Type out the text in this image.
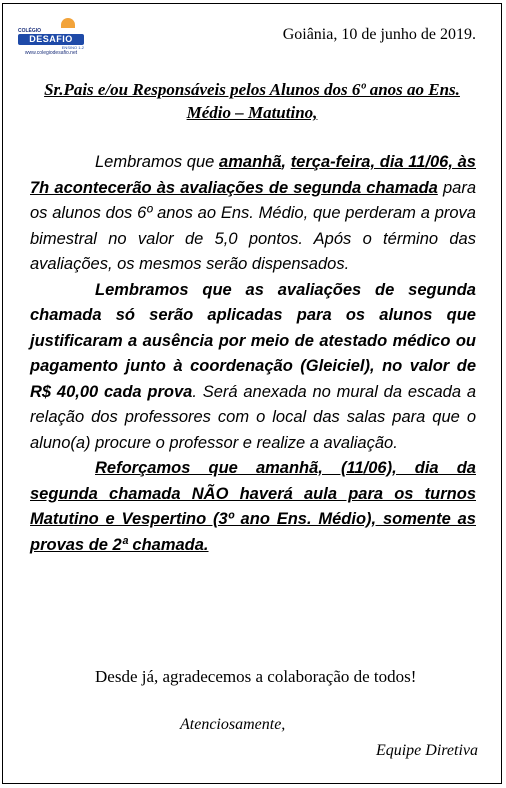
COLÉGIO
DESAFIO
ENSINO 1-2
www.colegiodesafio.net
Goiânia, 10 de junho de 2019.
Sr.Pais e/ou Responsáveis pelos Alunos dos 6º anos ao Ens. Médio – Matutino,

Lembramos que amanhã, terça-feira, dia 11/06, às 7h acontecerão às avaliações de segunda chamada para os alunos dos 6º anos ao Ens. Médio, que perderam a prova bimestral no valor de 5,0 pontos. Após o término das avaliações, os mesmos serão dispensados.

Lembramos que as avaliações de segunda chamada só serão aplicadas para os alunos que justificaram a ausência por meio de atestado médico ou pagamento junto à coordenação (Gleiciel), no valor de R$ 40,00 cada prova. Será anexada no mural da escada a relação dos professores com o local das salas para que o aluno(a) procure o professor e realize a avaliação.

Reforçamos que amanhã, (11/06), dia da segunda chamada NÃO haverá aula para os turnos Matutino e Vespertino (3º ano Ens. Médio), somente as provas de 2ª chamada.

Desde já, agradecemos a colaboração de todos!

Atenciosamente,
Equipe Diretiva
